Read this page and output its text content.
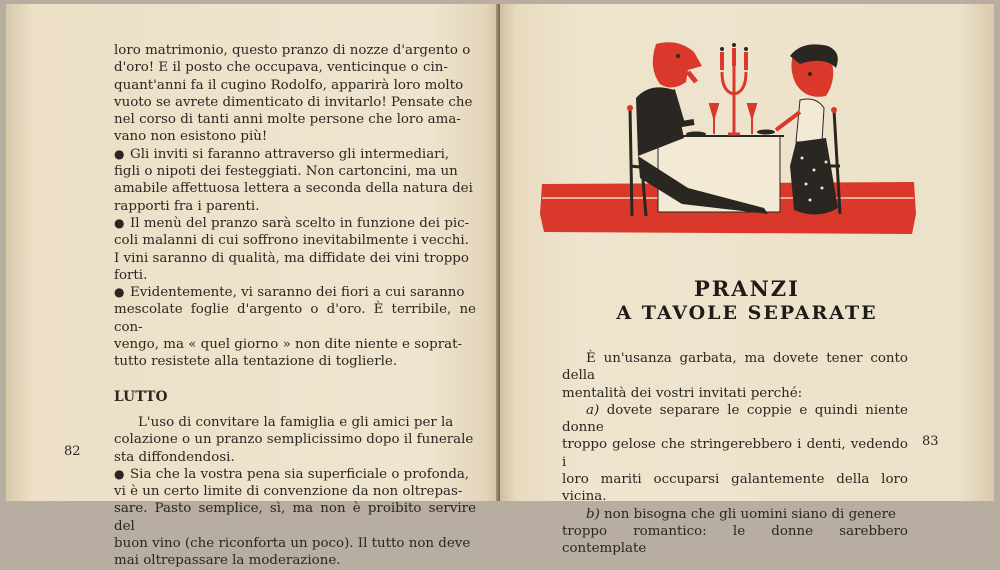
loro matrimonio, questo pranzo di nozze d'argento o

d'oro! E il posto che occupava, venticinque o cin-

quant'anni fa il cugino Rodolfo, apparirà loro molto

vuoto se avrete dimenticato di invitarlo! Pensate che

nel corso di tanti anni molte persone che loro ama-

vano non esistono più!

● Gli inviti si faranno attraverso gli intermediari,

figli o nipoti dei festeggiati. Non cartoncini, ma un

amabile affettuosa lettera a seconda della natura dei

rapporti fra i parenti.

● Il menù del pranzo sarà scelto in funzione dei pic-

coli malanni di cui soffrono inevitabilmente i vecchi.

I vini saranno di qualità, ma diffidate dei vini troppo

forti.

● Evidentemente, vi saranno dei fiori a cui saranno

mescolate foglie d'argento o d'oro. È terribile, ne con-

vengo, ma « quel giorno » non dite niente e soprat-

tutto resistete alla tentazione di toglierle.

LUTTO

L'uso di convitare la famiglia e gli amici per la

colazione o un pranzo semplicissimo dopo il funerale

sta diffondendosi.

● Sia che la vostra pena sia superficiale o profonda,

vi è un certo limite di convenzione da non oltrepas-

sare. Pasto semplice, sì, ma non è proibito servire del

buon vino (che riconforta un poco). Il tutto non deve

mai oltrepassare la moderazione.

82
PRANZI
A TAVOLE SEPARATE

È un'usanza garbata, ma dovete tener conto della

mentalità dei vostri invitati perché:

a) dovete separare le coppie e quindi niente donne

troppo gelose che stringerebbero i denti, vedendo i

loro mariti occuparsi galantemente della loro vicina.

b) non bisogna che gli uomini siano di genere

troppo romantico: le donne sarebbero contemplate

83
